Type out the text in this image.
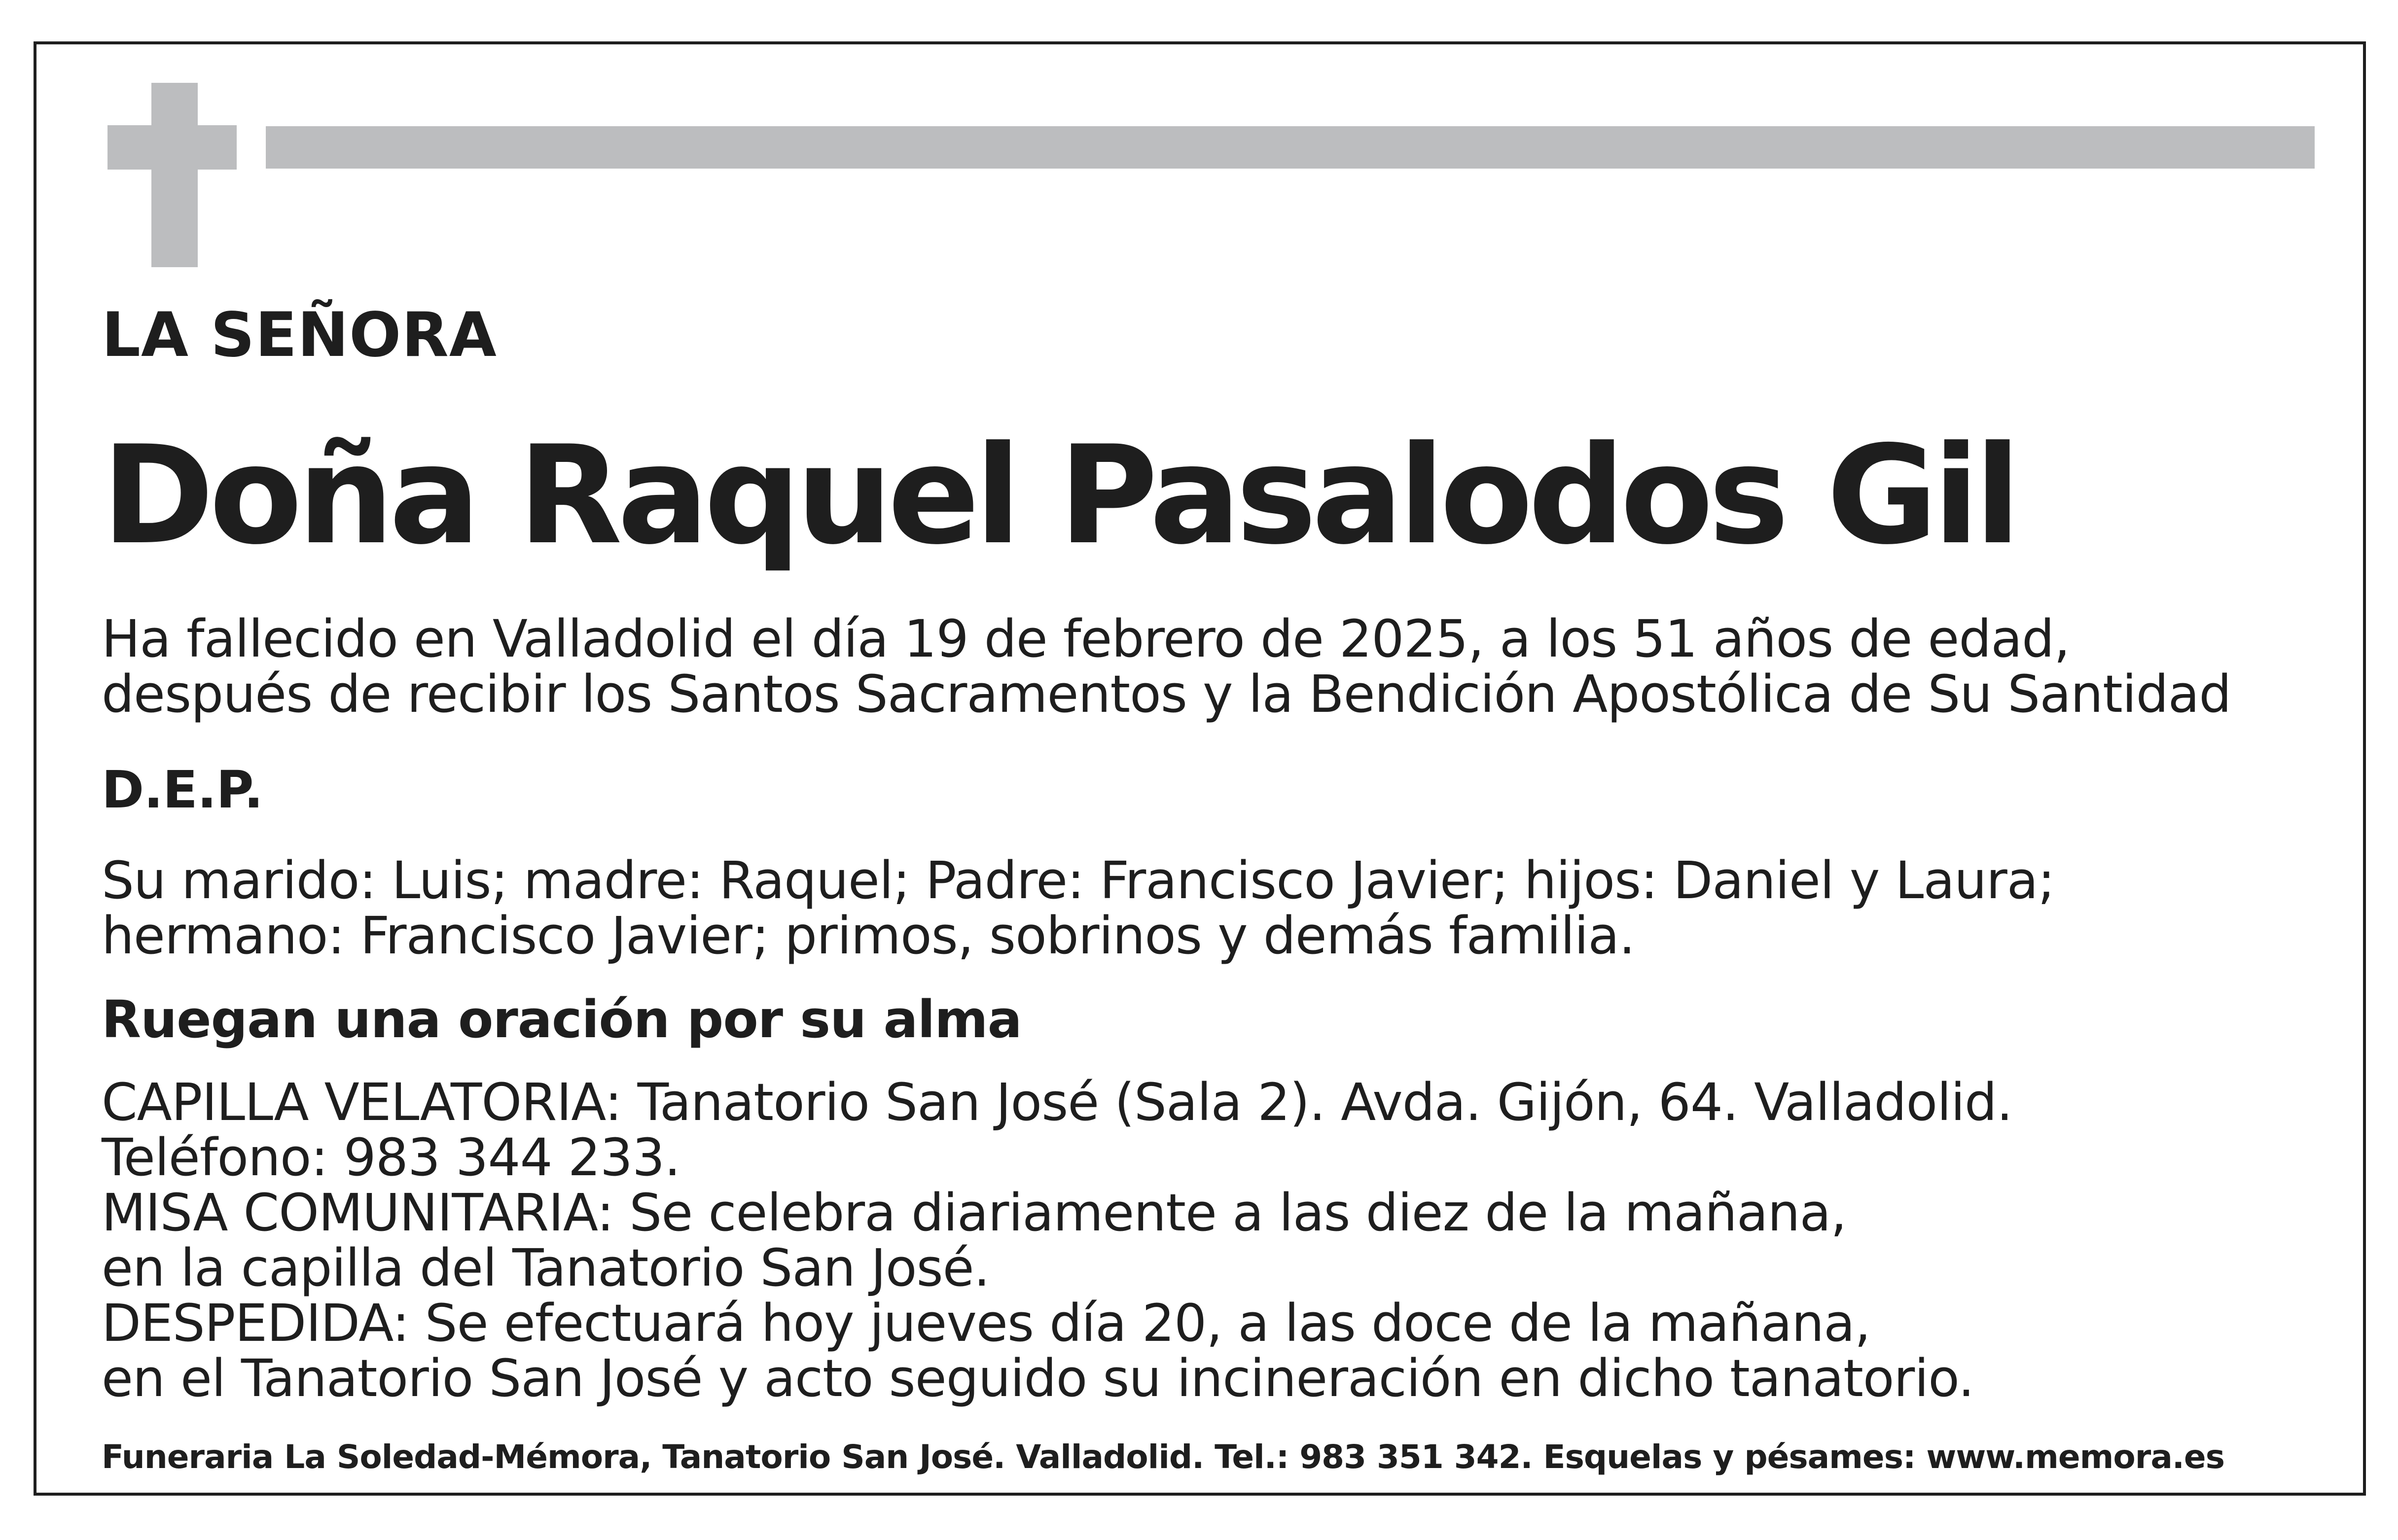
LA SEÑORA

Doña Raquel Pasalodos Gil

Ha fallecido en Valladolid el día 19 de febrero de 2025, a los 51 años de edad,

después de recibir los Santos Sacramentos y la Bendición Apostólica de Su Santidad

D.E.P.

Su marido: Luis; madre: Raquel; Padre: Francisco Javier; hijos: Daniel y Laura;

hermano: Francisco Javier; primos, sobrinos y demás familia.

Ruegan una oración por su alma

CAPILLA VELATORIA: Tanatorio San José (Sala 2). Avda. Gijón, 64. Valladolid.

Teléfono: 983 344 233.

MISA COMUNITARIA: Se celebra diariamente a las diez de la mañana,

en la capilla del Tanatorio San José.

DESPEDIDA: Se efectuará hoy jueves día 20, a las doce de la mañana,

en el Tanatorio San José y acto seguido su incineración en dicho tanatorio.

Funeraria La Soledad-Mémora, Tanatorio San José. Valladolid. Tel.: 983 351 342. Esquelas y pésames: www.memora.es
